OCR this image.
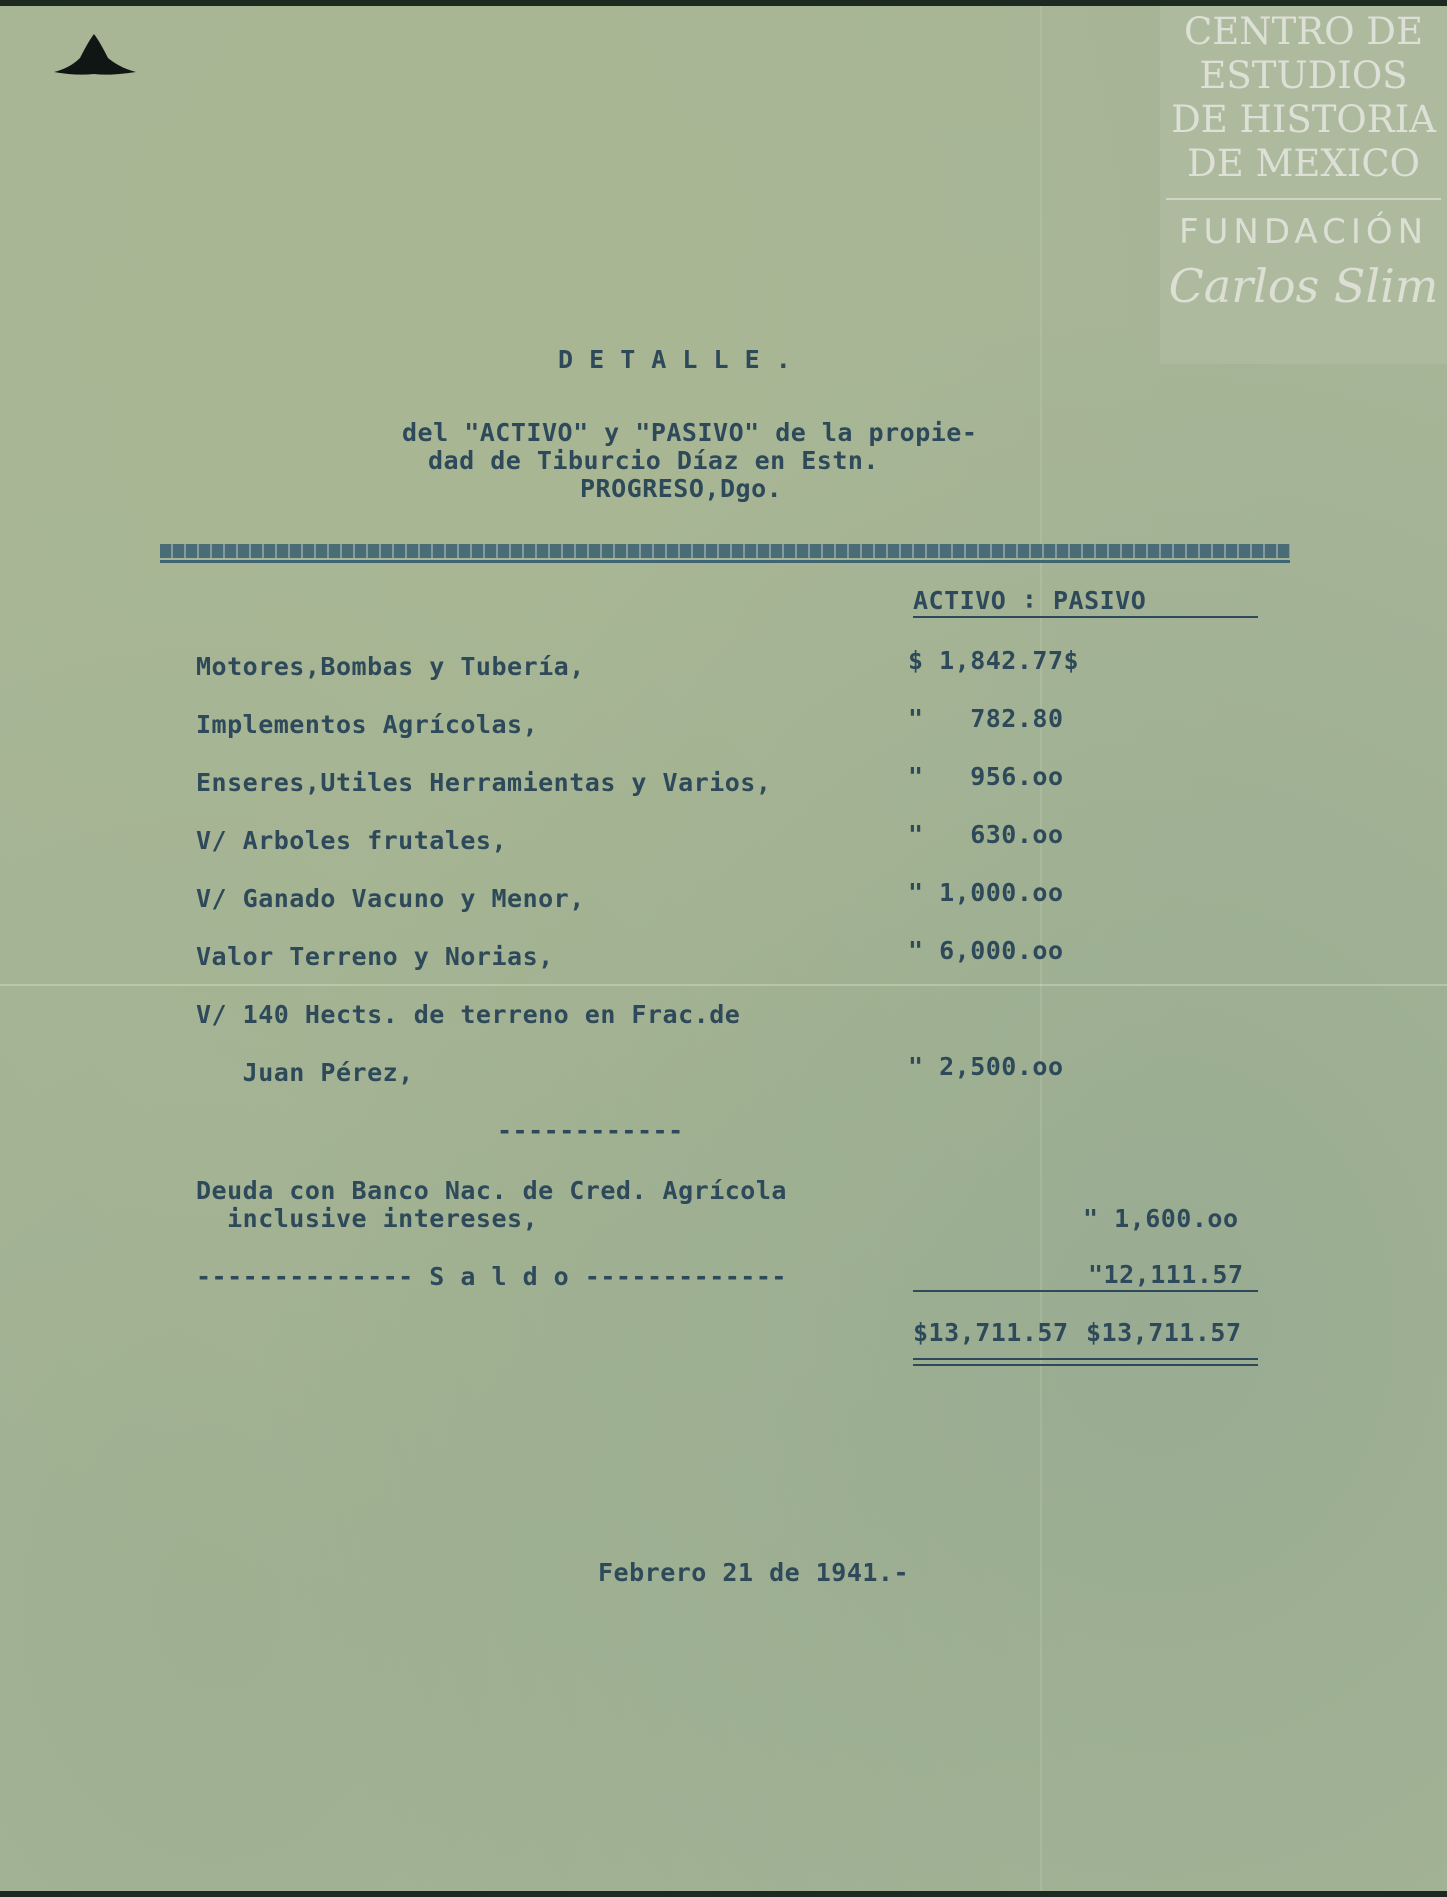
CENTRO DE
ESTUDIOS
DE HISTORIA
DE MEXICO
FUNDACIÓN
Carlos Slim
D E T A L L E .
del "ACTIVO" y "PASIVO" de la propie-
dad de Tiburcio Díaz en Estn.
PROGRESO,Dgo.
ACTIVO ∶ PASIVO
Motores,Bombas y Tubería,	$ 1,842.77$
Implementos Agrícolas,	"   782.80
Enseres,Utiles Herramientas y Varios,	"   956.oo
V/ Arboles frutales,	"   630.oo
V/ Ganado Vacuno y Menor,	" 1,000.oo
Valor Terreno y Norias,	" 6,000.oo
V/ 140 Hects. de terreno en Frac.de
Juan Pérez,	" 2,500.oo
------------
Deuda con Banco Nac. de Cred. Agrícola
inclusive intereses,	" 1,600.oo
-------------- S a l d o -------------	"12,111.57
$13,711.57 $13,711.57
Febrero 21 de 1941.-
